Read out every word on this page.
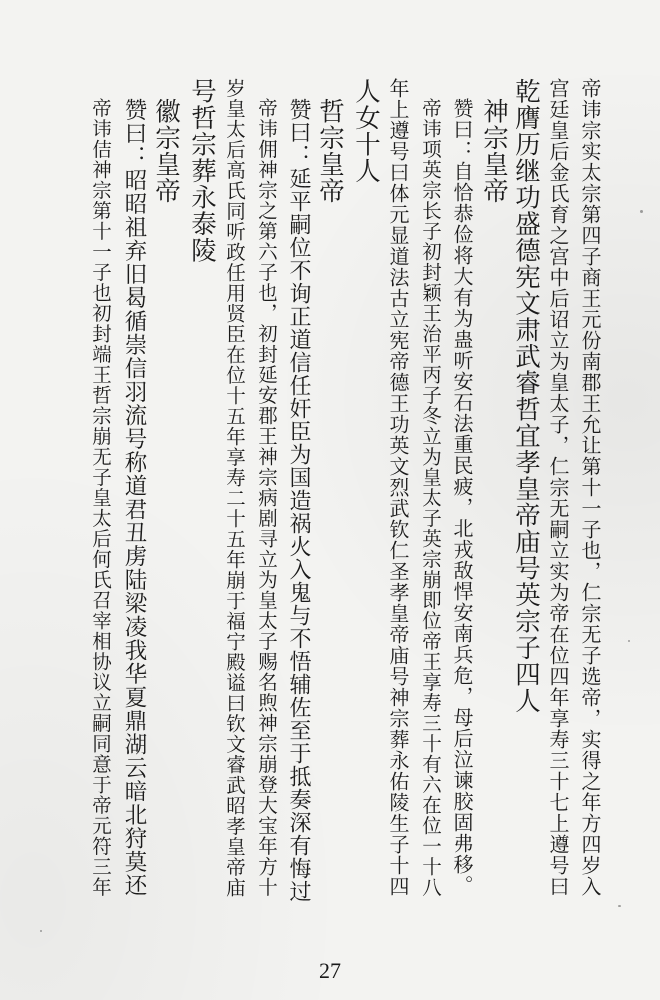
帝讳宗实太宗第四子商王元份南郡王允让第十一子也，仁宗无子选帝，实得之年方四岁入
宫廷皇后金氏育之宫中后诏立为皇太子，仁宗无嗣立实为帝在位四年享寿三十七上遵号曰
乾膺历继功盛德宪文肃武睿哲宜孝皇帝庙号英宗子四人
神宗皇帝
赞曰：自恰恭俭将大有为蛊听安石法重民疲，北戎敌悍安南兵危，母后泣谏胶固弗移。
帝讳项英宗长子初封颖王治平丙子冬立为皇太子英宗崩即位帝王享寿三十有六在位一十八
年上遵号曰体元显道法古立宪帝德王功英文烈武钦仁圣孝皇帝庙号神宗葬永佑陵生子十四
人女十人
哲宗皇帝
赞曰：延平嗣位不询正道信任奸臣为国造祸火入鬼与不悟辅佐至于抵奏深有悔过
帝讳佣神宗之第六子也，初封延安郡王神宗病剧寻立为皇太子赐名煦神宗崩登大宝年方十
岁皇太后高氏同听政任用贤臣在位十五年享寿二十五年崩于福宁殿谥曰钦文睿武昭孝皇帝庙
号哲宗葬永泰陵
徽宗皇帝
赞曰：昭昭祖弃旧曷循崇信羽流号称道君丑虏陆梁凌我华夏鼎湖云暗北狩莫还
帝讳佶神宗第十一子也初封端王哲宗崩无子皇太后何氏召宰相协议立嗣同意于帝元符三年
27
